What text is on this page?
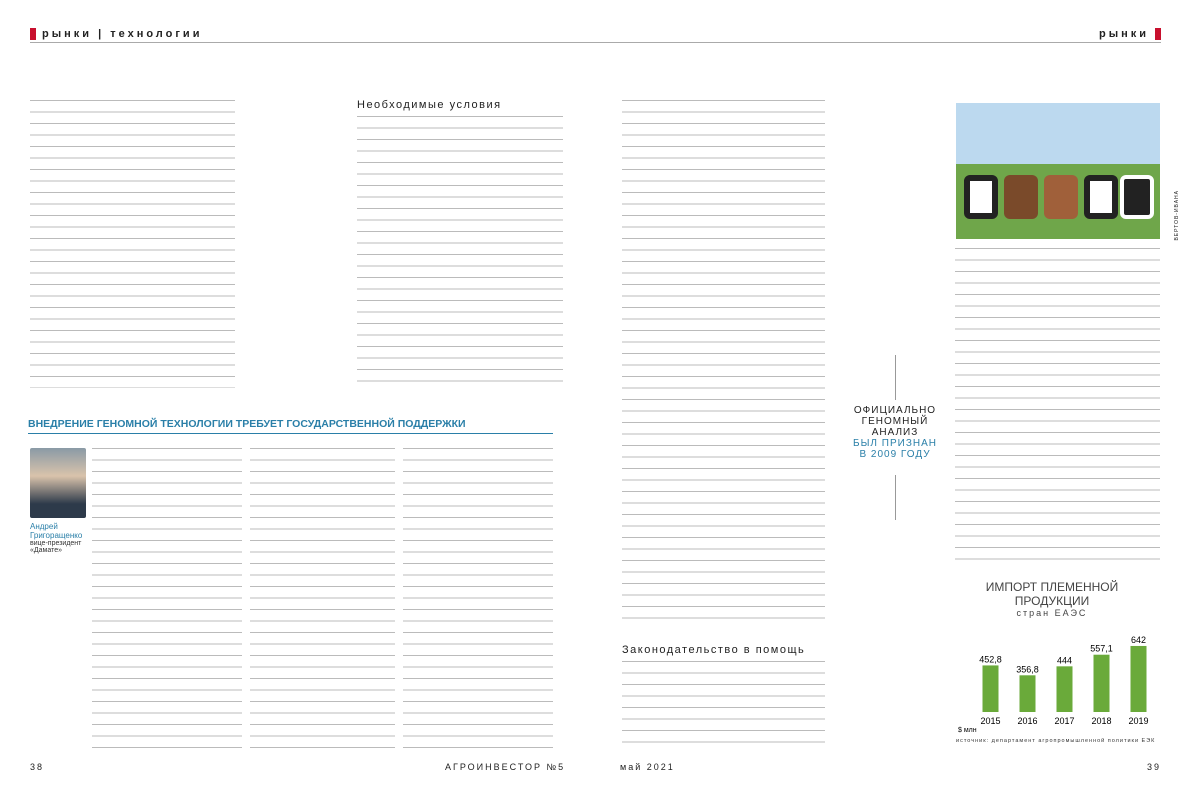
рынки | технологии	рынки
Необходимые условия
Законодательство в помощь
ВНЕДРЕНИЕ ГЕНОМНОЙ ТЕХНОЛОГИИ ТРЕБУЕТ ГОСУДАРСТВЕННОЙ ПОДДЕРЖКИ
Андрей Григоращенко
вице-президент «Дамате»
ОФИЦИАЛЬНО
ГЕНОМНЫЙ АНАЛИЗ
БЫЛ ПРИЗНАН
В 2009 ГОДУ
ВЕРТОВ-ИВАНА
ИМПОРТ ПЛЕМЕННОЙ ПРОДУКЦИИ
стран ЕАЭС
452,8
2015
356,8
2016
444
2017
557,1
2018
642
2019
$ млн
источник: департамент агропромышленной политики ЕЭК
38	АГРОИНВЕСТОР №5	май 2021	39
